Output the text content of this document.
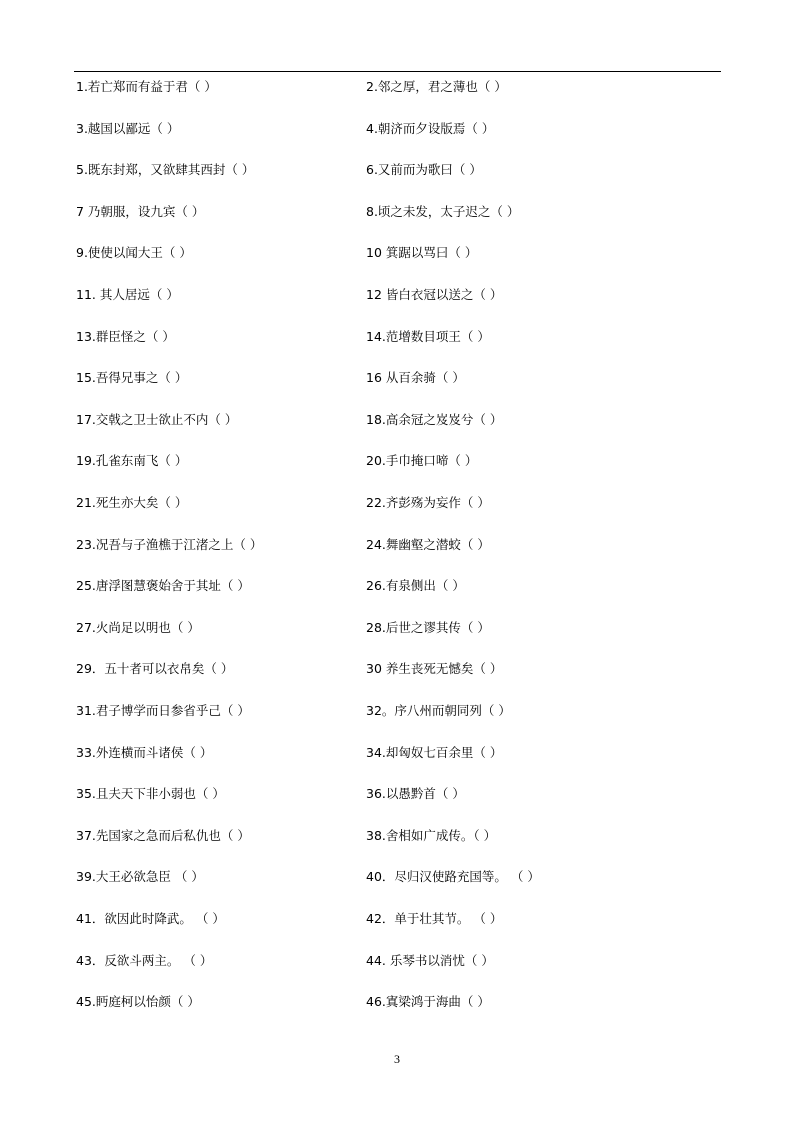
1.若亡郑而有益于君（ ）	2.邻之厚，君之薄也（ ）
3.越国以鄙远（ ）	4.朝济而夕设版焉（ ）
5.既东封郑，又欲肆其西封（ ）	6.又前而为歌曰（ ）
7 乃朝服，设九宾（ ）	8.顷之未发，太子迟之（ ）
9.使使以闻大王（ ）	10 箕踞以骂曰（ ）
11. 其人居远（ ）	12 皆白衣冠以送之（ ）
13.群臣怪之（ ）	14.范增数目项王（ ）
15.吾得兄事之（ ）	16 从百余骑（ ）
17.交戟之卫士欲止不内（ ）	18.高余冠之岌岌兮（ ）
19.孔雀东南飞（ ）	20.手巾掩口啼（ ）
21.死生亦大矣（ ）	22.齐彭殇为妄作（ ）
23.况吾与子渔樵于江渚之上（ ）	24.舞幽壑之潜蛟（ ）
25.唐浮图慧褒始舍于其址（ ）	26.有泉侧出（ ）
27.火尚足以明也（ ）	28.后世之谬其传（ ）
29．五十者可以衣帛矣（ ）	30 养生丧死无憾矣（ ）
31.君子博学而日参省乎己（ ）	32。序八州而朝同列（ ）
33.外连横而斗诸侯（ ）	34.却匈奴七百余里（ ）
35.且夫天下非小弱也（ ）	36.以愚黔首（ ）
37.先国家之急而后私仇也（ ）	38.舍相如广成传。（ ）
39.大王必欲急臣 （ ）	40．尽归汉使路充国等。 （ ）
41．欲因此时降武。 （ ）	42．单于壮其节。 （ ）
43．反欲斗两主。 （ ）	44. 乐琴书以消忧（ ）
45.眄庭柯以怡颜（ ）	46.寘梁鸿于海曲（ ）
3
